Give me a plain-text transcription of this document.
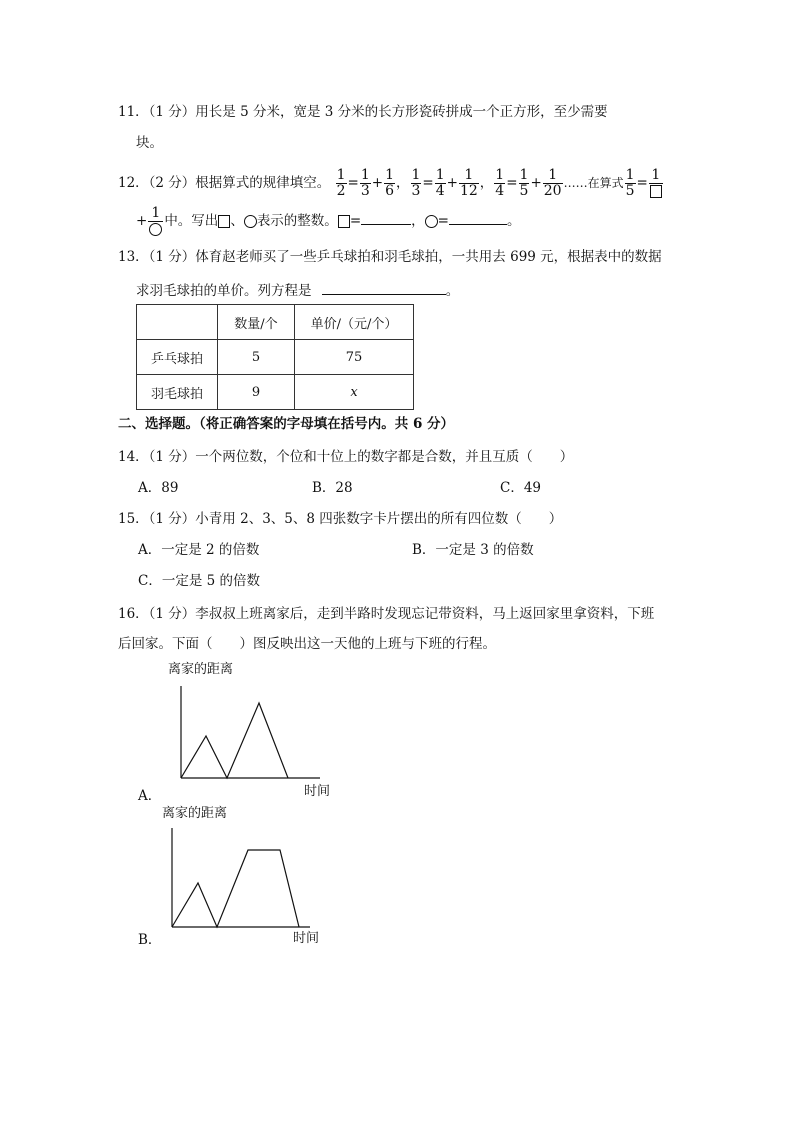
11．（1 分）用长是 5 分米，宽是 3 分米的长方形瓷砖拼成一个正方形，至少需要
块。
12．（2 分）根据算式的规律填空。 $\frac{1}{2} = \frac{1}{3} + \frac{1}{6}$ ， $\frac{1}{3} = \frac{1}{4} + \frac{1}{12}$ ， $\frac{1}{4} = \frac{1}{5} + \frac{1}{20}$ ……在算式 $\frac{1}{5} = 1$
+ 1 中。写出 、 表示的整数。 =	， =	。
13．（1 分）体育赵老师买了一些乒乓球拍和羽毛球拍，一共用去 699 元，根据表中的数据
求羽毛球拍的单价。列方程是	。
	数量/个	单价/（元/个）
乒乓球拍	5	75
羽毛球拍	9	x
二、选择题。（将正确答案的字母填在括号内。共 6 分）
14．（1 分）一个两位数，个位和十位上的数字都是合数，并且互质（　　）
A．89	B．28	C．49
15．（1 分）小青用 2、3、5、8 四张数字卡片摆出的所有四位数（　　）
A．一定是 2 的倍数	B．一定是 3 的倍数
C．一定是 5 的倍数
16．（1 分）李叔叔上班离家后，走到半路时发现忘记带资料，马上返回家里拿资料，下班
后回家。下面（　　）图反映出这一天他的上班与下班的行程。
离家的距离
时间
A．
离家的距离
时间
B．
